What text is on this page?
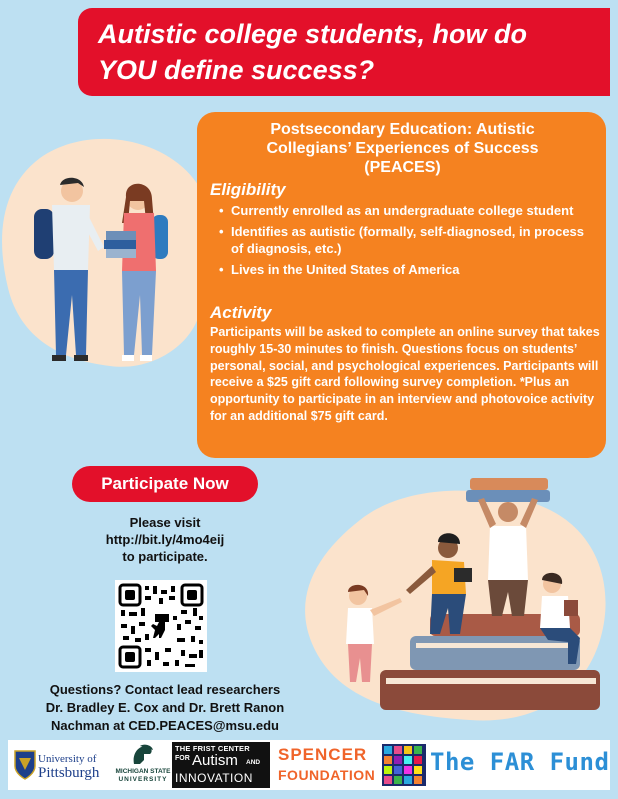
Autistic college students, how do
YOU define success?
Postsecondary Education: Autistic
Collegians’ Experiences of Success
(PEACES)
Eligibility
• Currently enrolled as an undergraduate college student
• Identifies as autistic (formally, self-diagnosed, in process of diagnosis, etc.)
• Lives in the United States of America
Activity
Participants will be asked to complete an online survey that takes roughly 15-30 minutes to finish. Questions focus on students’ personal, social, and psychological experiences. Participants will receive a $25 gift card following survey completion. *Plus an opportunity to participate in an interview and photovoice activity for an additional $75 gift card.
Participate Now
Please visit
http://bit.ly/4mo4eij
to participate.
Questions? Contact lead researchers
Dr. Bradley E. Cox and Dr. Brett Ranon
Nachman at CED.PEACES@msu.edu
University of
Pittsburgh	MICHIGAN STATE
UNIVERSITY
THE FRIST CENTER
FOR Autism AND
INNOVATION
SPENCER
FOUNDATION The FAR Fund
